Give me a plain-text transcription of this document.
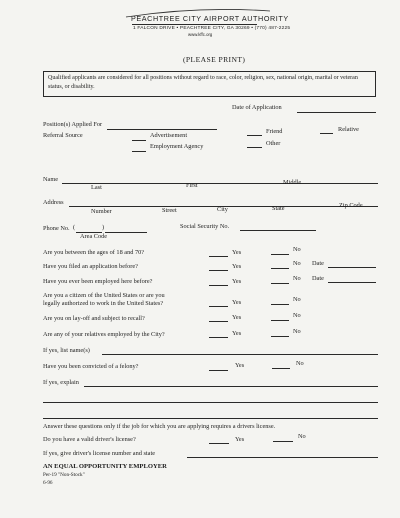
PEACHTREE CITY AIRPORT AUTHORITY
1 FALCON DRIVE • PEACHTREE CITY, GA 30269 • (770) 487-2225
www.kffc.org
(PLEASE PRINT)
Qualified applicants are considered for all positions without regard to race, color, religion, sex, national origin, marital or veteran status, or disability.
Date of Application
Position(s) Applied For
Referral Source	Advertisement
Employment Agency
Friend
Other
Relative
Name
Last	First	Middle
Address
Number	Street	City	State	Zip Code
Phone No. (	)
Area Code
Social Security No.
Are you between the ages of 18 and 70?	Yes	No
Have you filed an application before?	Yes	No Date
Have you ever been employed here before?	Yes	No Date
Are you a citizen of the United States or are you
legally authorized to work in the United States?	Yes	No
Are you on lay-off and subject to recall?	Yes	No
Are any of your relatives employed by the City?	Yes	No
If yes, list name(s)
Have you been convicted of a felony?	Yes	No
If yes, explain
Answer these questions only if the job for which you are applying requires a drivers license.
Do you have a valid driver's license?	Yes	No
If yes, give driver's license number and state
AN EQUAL OPPORTUNITY EMPLOYER
Per-19 "Non-Stock"
6-96
